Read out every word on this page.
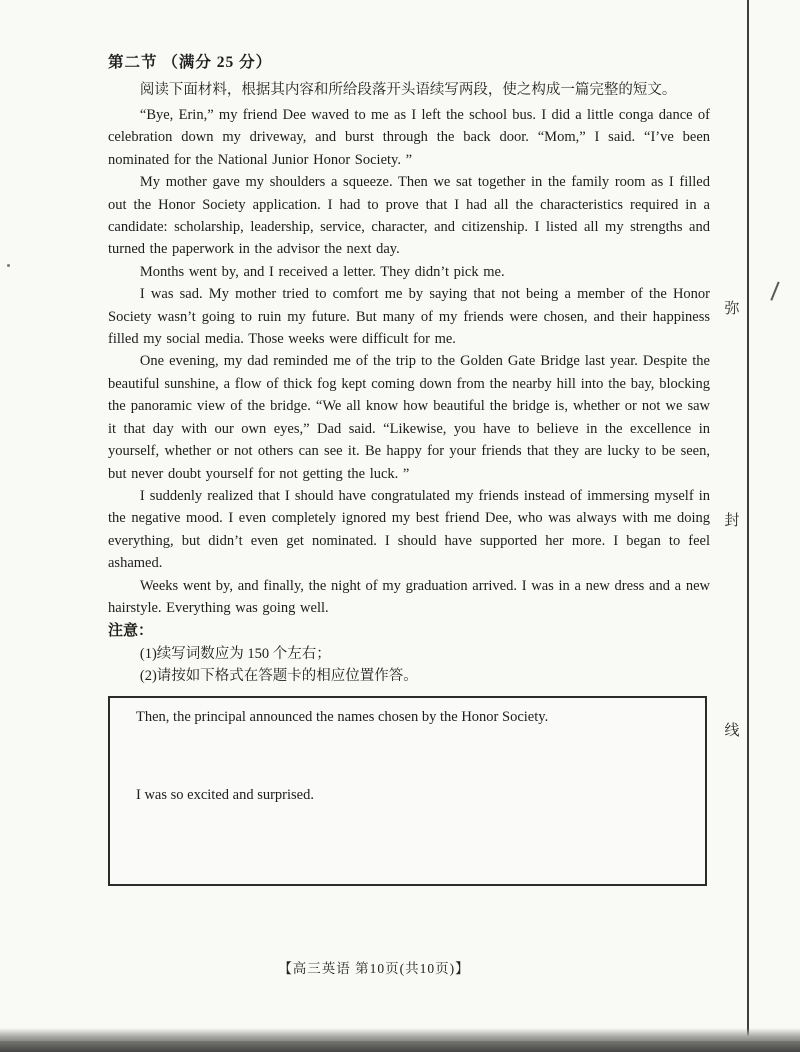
第二节 （满分 25 分）

阅读下面材料，根据其内容和所给段落开头语续写两段，使之构成一篇完整的短文。

“Bye, Erin,” my friend Dee waved to me as I left the school bus. I did a little conga dance of celebration down my driveway, and burst through the back door. “Mom,” I said. “I’ve been nominated for the National Junior Honor Society. ”

My mother gave my shoulders a squeeze. Then we sat together in the family room as I filled out the Honor Society application. I had to prove that I had all the characteristics required in a candidate: scholarship, leadership, service, character, and citizenship. I listed all my strengths and turned the paperwork in the advisor the next day.

Months went by, and I received a letter. They didn’t pick me.

I was sad. My mother tried to comfort me by saying that not being a member of the Honor Society wasn’t going to ruin my future. But many of my friends were chosen, and their happiness filled my social media. Those weeks were difficult for me.

One evening, my dad reminded me of the trip to the Golden Gate Bridge last year. Despite the beautiful sunshine, a flow of thick fog kept coming down from the nearby hill into the bay, blocking the panoramic view of the bridge. “We all know how beautiful the bridge is, whether or not we saw it that day with our own eyes,” Dad said. “Likewise, you have to believe in the excellence in yourself, whether or not others can see it. Be happy for your friends that they are lucky to be seen, but never doubt yourself for not getting the luck. ”

I suddenly realized that I should have congratulated my friends instead of immersing myself in the negative mood. I even completely ignored my best friend Dee, who was always with me doing everything, but didn’t even get nominated. I should have supported her more. I began to feel ashamed.

Weeks went by, and finally, the night of my graduation arrived. I was in a new dress and a new hairstyle. Everything was going well.

注意：

(1)续写词数应为 150 个左右；

(2)请按如下格式在答题卡的相应位置作答。

Then, the principal announced the names chosen by the Honor Society.

I was so excited and surprised.

【高三英语 第10页(共10页)】
弥
封
线
